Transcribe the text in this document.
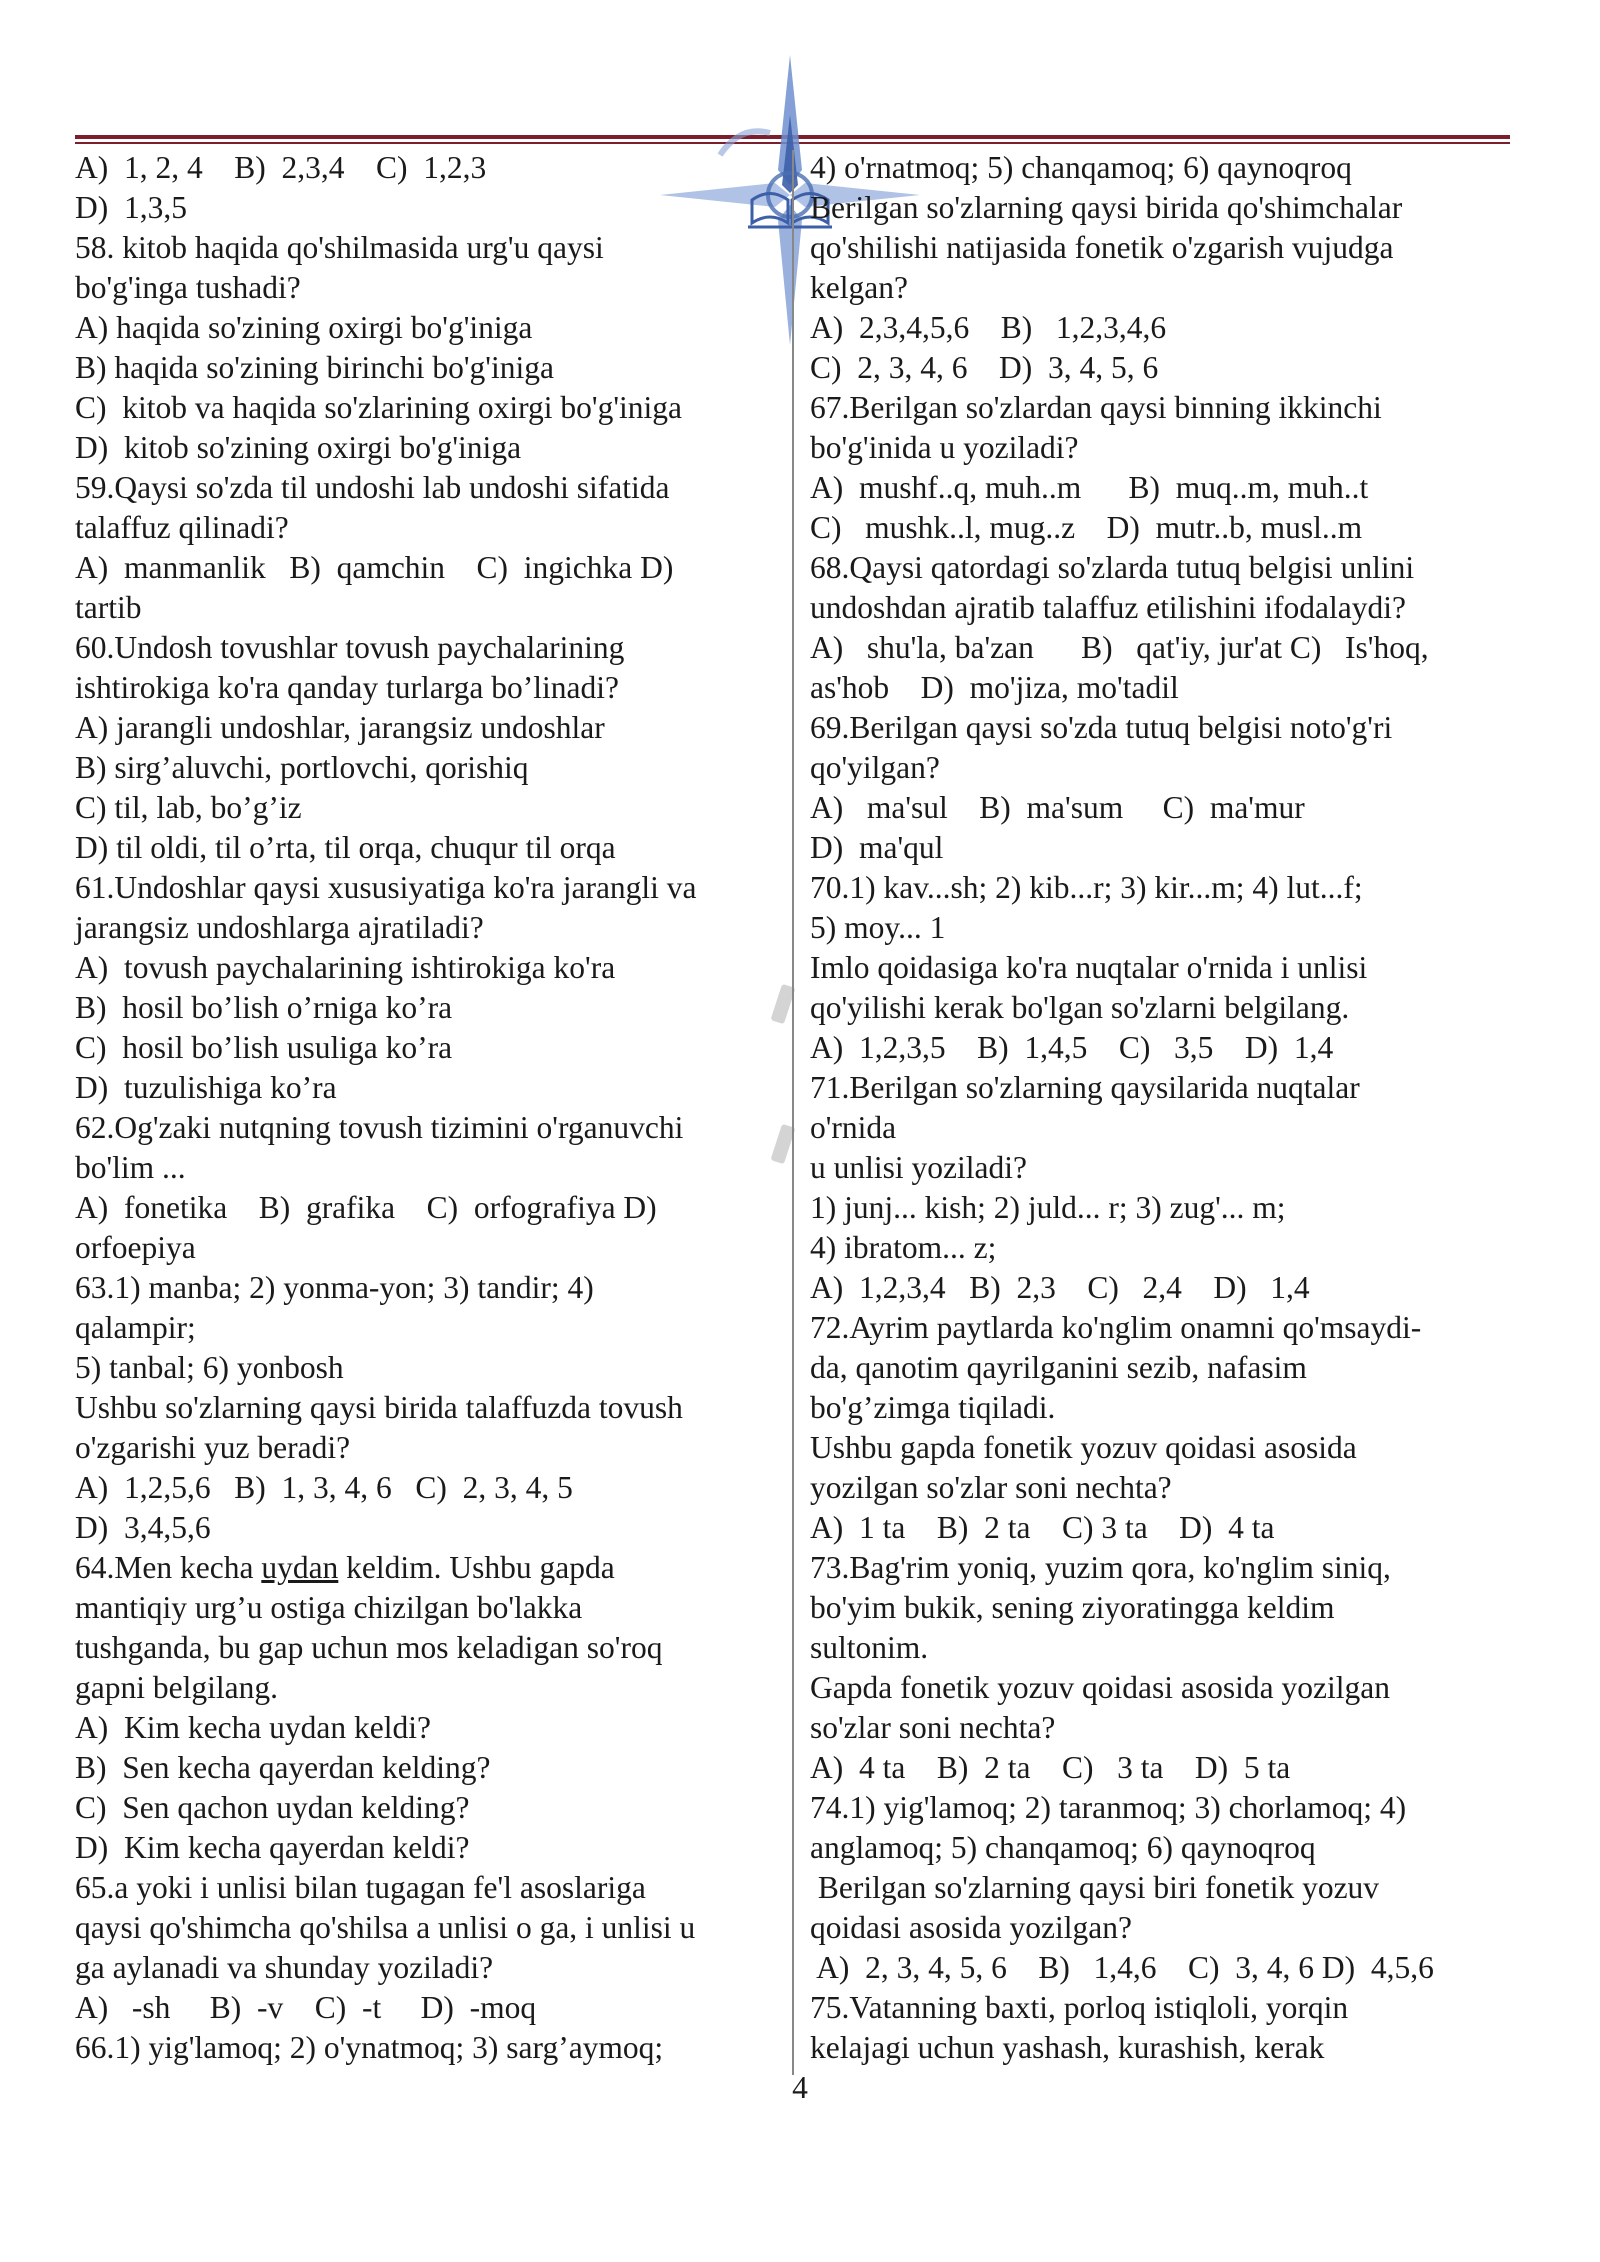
A)  1, 2, 4    B)  2,3,4    C)  1,2,3
D)  1,3,5
58. kitob haqida qo'shilmasida urg'u qaysi
bo'g'inga tushadi?
A) haqida so'zining oxirgi bo'g'iniga
B) haqida so'zining birinchi bo'g'iniga
C)  kitob va haqida so'zlarining oxirgi bo'g'iniga
D)  kitob so'zining oxirgi bo'g'iniga
59.Qaysi so'zda til undoshi lab undoshi sifatida
talaffuz qilinadi?
A)  manmanlik   B)  qamchin    C)  ingichka D)
tartib
60.Undosh tovushlar tovush paychalarining
ishtirokiga ko'ra qanday turlarga bo’linadi?
A) jarangli undoshlar, jarangsiz undoshlar
B) sirg’aluvchi, portlovchi, qorishiq
C) til, lab, bo’g’iz
D) til oldi, til o’rta, til orqa, chuqur til orqa
61.Undoshlar qaysi xususiyatiga ko'ra jarangli va
jarangsiz undoshlarga ajratiladi?
A)  tovush paychalarining ishtirokiga ko'ra
B)  hosil bo’lish o’rniga ko’ra
C)  hosil bo’lish usuliga ko’ra
D)  tuzulishiga ko’ra
62.Og'zaki nutqning tovush tizimini o'rganuvchi
bo'lim ...
A)  fonetika    B)  grafika    C)  orfografiya D)
orfoepiya
63.1) manba; 2) yonma-yon; 3) tandir; 4)
qalampir;
5) tanbal; 6) yonbosh
Ushbu so'zlarning qaysi birida talaffuzda tovush
o'zgarishi yuz beradi?
A)  1,2,5,6   B)  1, 3, 4, 6   C)  2, 3, 4, 5
D)  3,4,5,6
64.Men kecha uydan keldim. Ushbu gapda
mantiqiy urg’u ostiga chizilgan bo'lakka
tushganda, bu gap uchun mos keladigan so'roq
gapni belgilang.
A)  Kim kecha uydan keldi?
B)  Sen kecha qayerdan kelding?
C)  Sen qachon uydan kelding?
D)  Kim kecha qayerdan keldi?
65.a yoki i unlisi bilan tugagan fe'l asoslariga
qaysi qo'shimcha qo'shilsa a unlisi o ga, i unlisi u
ga aylanadi va shunday yoziladi?
A)   -sh     B)  -v    C)  -t     D)  -moq
66.1) yig'lamoq; 2) o'ynatmoq; 3) sarg’aymoq;
4) o'rnatmoq; 5) chanqamoq; 6) qaynoqroq
Berilgan so'zlarning qaysi birida qo'shimchalar
qo'shilishi natijasida fonetik o'zgarish vujudga
kelgan?
A)  2,3,4,5,6    B)   1,2,3,4,6
C)  2, 3, 4, 6    D)  3, 4, 5, 6
67.Berilgan so'zlardan qaysi binning ikkinchi
bo'g'inida u yoziladi?
A)  mushf..q, muh..m      B)  muq..m, muh..t
C)   mushk..l, mug..z    D)  mutr..b, musl..m
68.Qaysi qatordagi so'zlarda tutuq belgisi unlini
undoshdan ajratib talaffuz etilishini ifodalaydi?
A)   shu'la, ba'zan      B)   qat'iy, jur'at C)   Is'hoq,
as'hob    D)  mo'jiza, mo'tadil
69.Berilgan qaysi so'zda tutuq belgisi noto'g'ri
qo'yilgan?
A)   ma'sul    B)  ma'sum     C)  ma'mur
D)  ma'qul
70.1) kav...sh; 2) kib...r; 3) kir...m; 4) lut...f;
5) moy... 1
Imlo qoidasiga ko'ra nuqtalar o'rnida i unlisi
qo'yilishi kerak bo'lgan so'zlarni belgilang.
A)  1,2,3,5    B)  1,4,5    C)   3,5    D)  1,4
71.Berilgan so'zlarning qaysilarida nuqtalar
o'rnida
u unlisi yoziladi?
1) junj... kish; 2) juld... r; 3) zug'... m;
4) ibratom... z;
A)  1,2,3,4   B)  2,3    C)   2,4    D)   1,4
72.Ayrim paytlarda ko'nglim onamni qo'msaydi-
da, qanotim qayrilganini sezib, nafasim
bo'g’zimga tiqiladi.
Ushbu gapda fonetik yozuv qoidasi asosida
yozilgan so'zlar soni nechta?
A)  1 ta    B)  2 ta    C) 3 ta    D)  4 ta
73.Bag'rim yoniq, yuzim qora, ko'nglim siniq,
bo'yim bukik, sening ziyoratingga keldim
sultonim.
Gapda fonetik yozuv qoidasi asosida yozilgan
so'zlar soni nechta?
A)  4 ta    B)  2 ta    C)   3 ta    D)  5 ta
74.1) yig'lamoq; 2) taranmoq; 3) chorlamoq; 4)
anglamoq; 5) chanqamoq; 6) qaynoqroq
Berilgan so'zlarning qaysi biri fonetik yozuv
qoidasi asosida yozilgan?
A)  2, 3, 4, 5, 6    B)   1,4,6    C)  3, 4, 6 D)  4,5,6
75.Vatanning baxti, porloq istiqloli, yorqin
kelajagi uchun yashash, kurashish, kerak
4
